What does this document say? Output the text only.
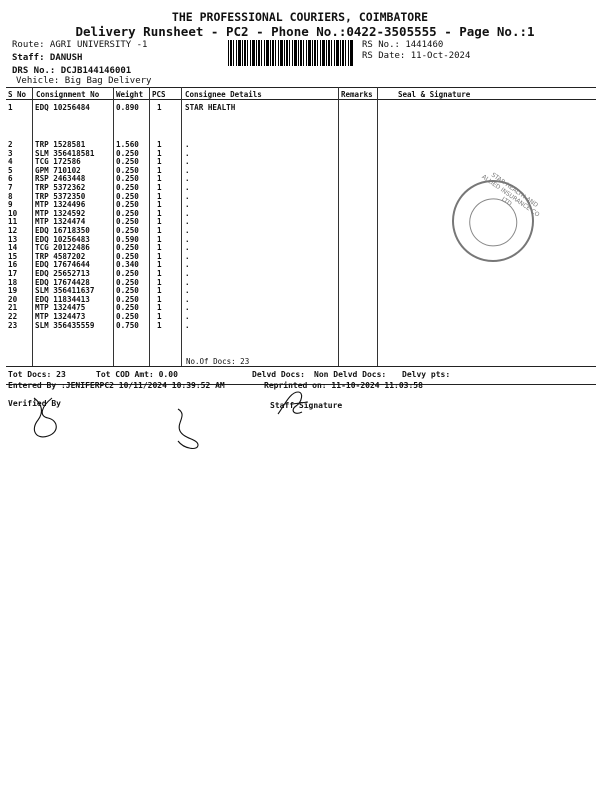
THE PROFESSIONAL COURIERS, COIMBATORE
Delivery Runsheet - PC2 - Phone No.:0422-3505555 - Page No.:1
Route: AGRI UNIVERSITY -1
Staff: DANUSH
RS No.: 1441460
RS Date: 11-Oct-2024
DRS No.: DCJB144146001
Vehicle: Big Bag Delivery
S No Consignment No Weight PCS	Consignee Details	Remarks	Seal & Signature
1	EDQ 10256484	0.890 1	STAR HEALTH
2	TRP 1528581	1.560 1	.
3	SLM 356418581	0.250 1	.
4	TCG 172586	0.250 1	.
5	GPM 710102	0.250 1	.
6	RSP 2463448	0.250 1	.
7	TRP 5372362	0.250 1	.
8	TRP 5372350	0.250 1	.
9	MTP 1324496	0.250 1	.
10 MTP 1324592	0.250 1	.
11 MTP 1324474	0.250 1	.
12 EDQ 16718350	0.250 1	.
13 EDQ 10256483	0.590 1	.
14 TCG 20122486	0.250 1	.
15 TRP 4587202	0.250 1	.
16 EDQ 17674644	0.340 1	.
17 EDQ 25652713	0.250 1	.
18 EDQ 17674428	0.250 1	.
19 SLM 356411637	0.250 1	.
20 EDQ 11834413	0.250 1	.
21 MTP 1324475	0.250 1	.
22 MTP 1324473	0.250 1	.
23 SLM 356435559	0.750 1	.
No.Of Docs: 23
STAR HEALTH AND ALLIED INSURANCE CO LTD
Tot Docs: 23	Tot COD Amt: 0.00	Delvd Docs: Non Delvd Docs: Delvy pts:
Entered By :JENIFERPC2 10/11/2024 10:39:52 AM	Reprinted on: 11-10-2024 11:03:58
Verified By	Staff Signature
